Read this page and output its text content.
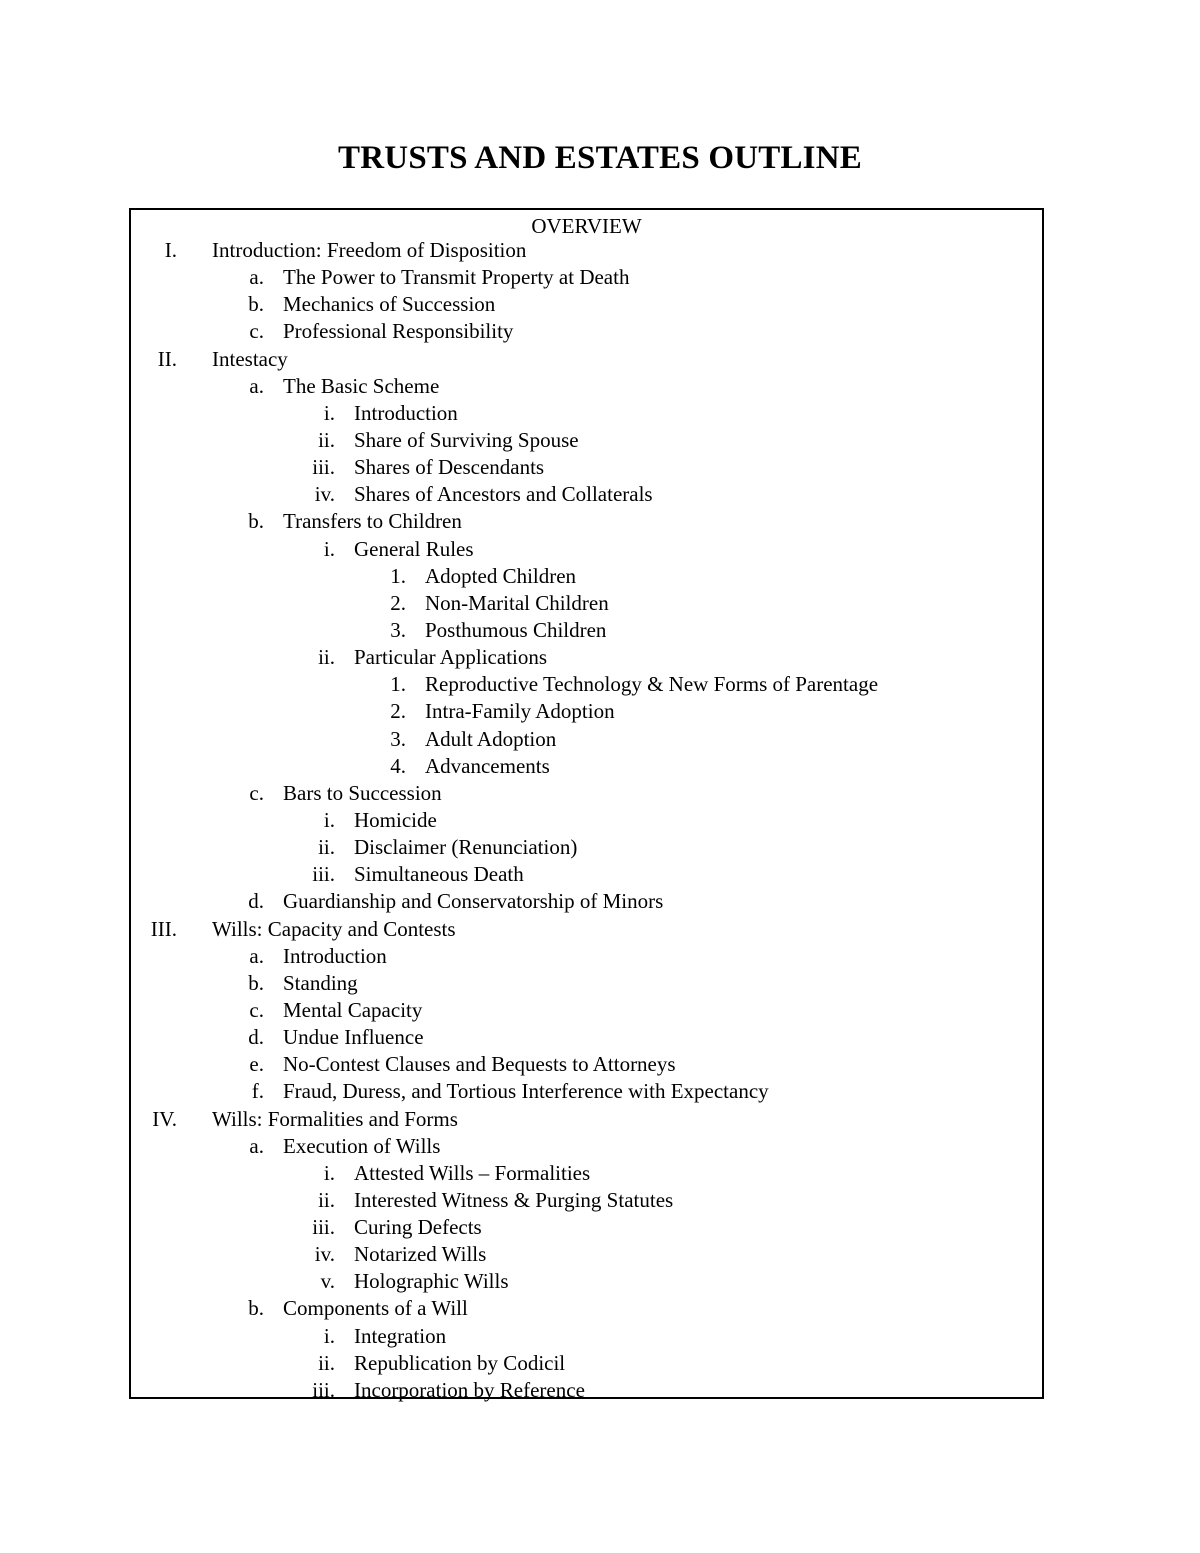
TRUSTS AND ESTATES OUTLINE
OVERVIEW
I. Introduction: Freedom of Disposition
a. The Power to Transmit Property at Death
b. Mechanics of Succession
c. Professional Responsibility
II. Intestacy
a. The Basic Scheme
i. Introduction
ii. Share of Surviving Spouse
iii. Shares of Descendants
iv. Shares of Ancestors and Collaterals
b. Transfers to Children
i. General Rules
1. Adopted Children
2. Non-Marital Children
3. Posthumous Children
ii. Particular Applications
1. Reproductive Technology & New Forms of Parentage
2. Intra-Family Adoption
3. Adult Adoption
4. Advancements
c. Bars to Succession
i. Homicide
ii. Disclaimer (Renunciation)
iii. Simultaneous Death
d. Guardianship and Conservatorship of Minors
III. Wills: Capacity and Contests
a. Introduction
b. Standing
c. Mental Capacity
d. Undue Influence
e. No-Contest Clauses and Bequests to Attorneys
f. Fraud, Duress, and Tortious Interference with Expectancy
IV. Wills: Formalities and Forms
a. Execution of Wills
i. Attested Wills – Formalities
ii. Interested Witness & Purging Statutes
iii. Curing Defects
iv. Notarized Wills
v. Holographic Wills
b. Components of a Will
i. Integration
ii. Republication by Codicil
iii. Incorporation by Reference
